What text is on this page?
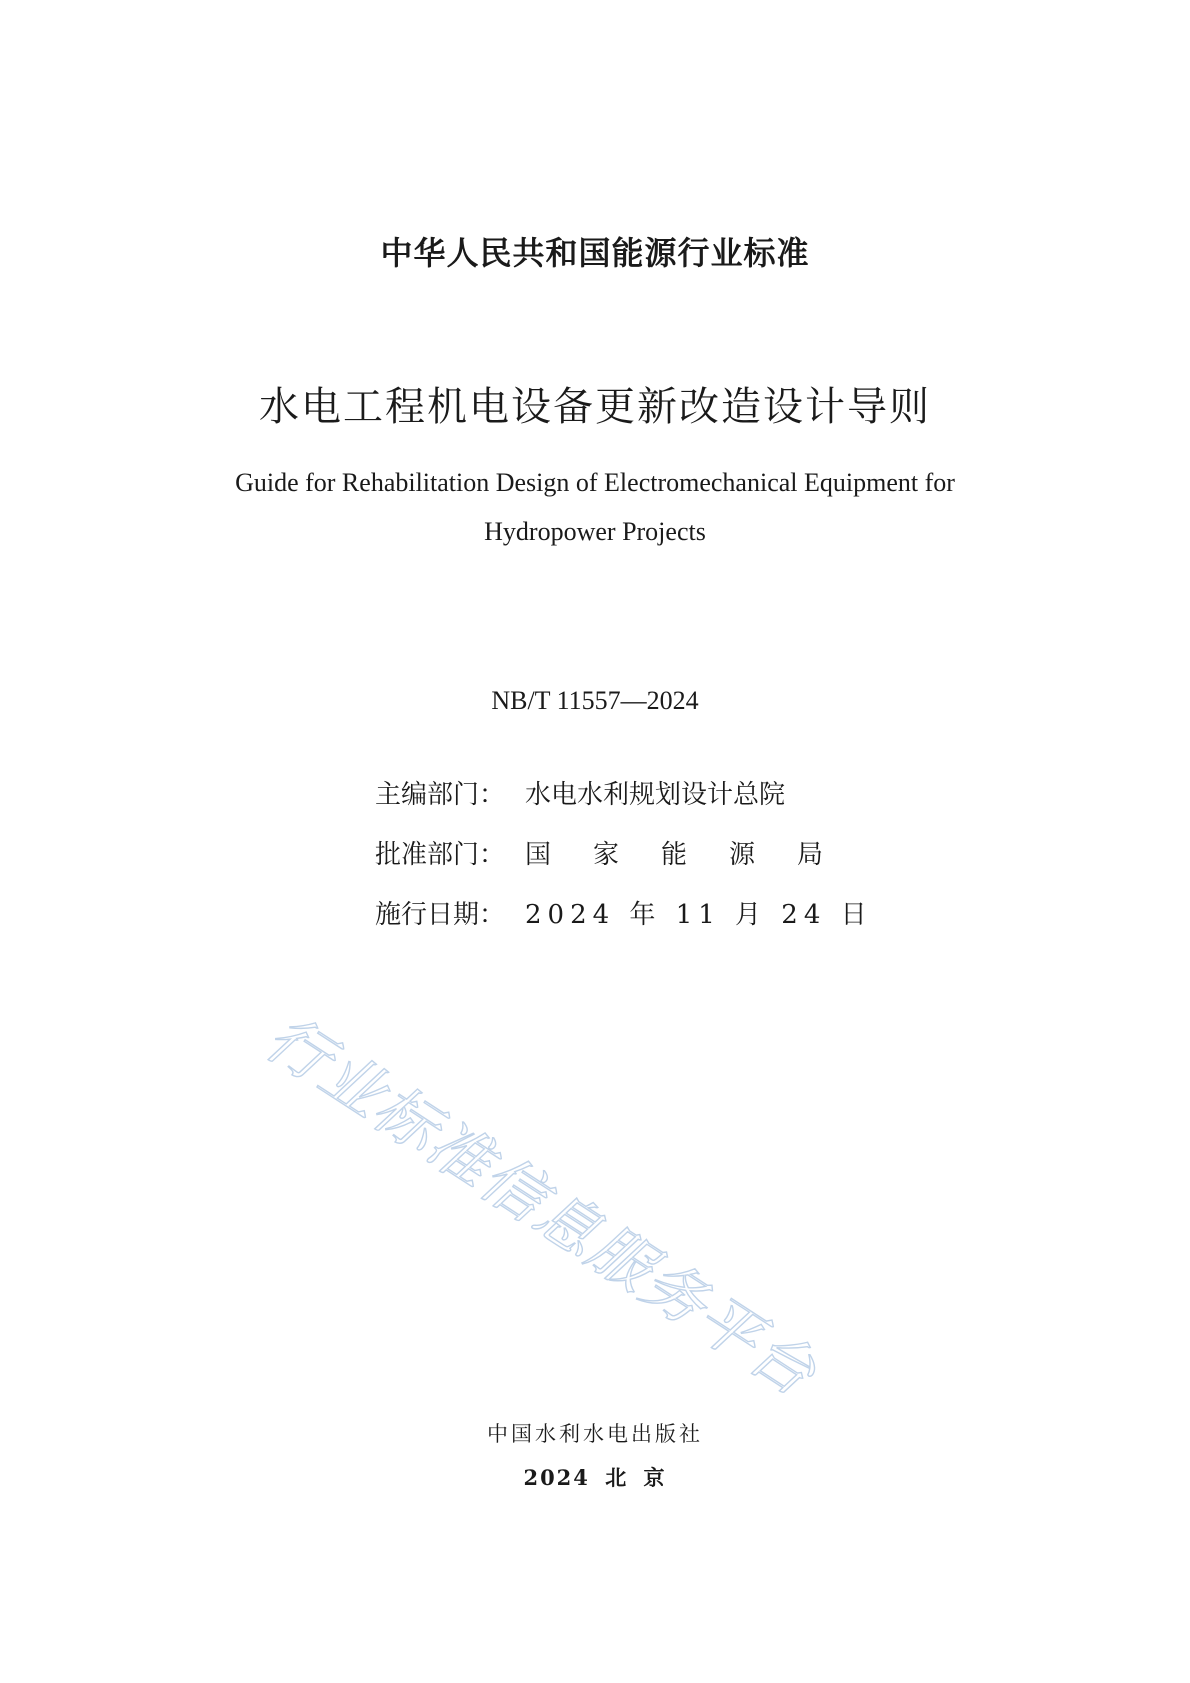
中华人民共和国能源行业标准
水电工程机电设备更新改造设计导则
Guide for Rehabilitation Design of Electromechanical Equipment for
Hydropower Projects
NB/T 11557—2024
主编部门： 水电水利规划设计总院
批准部门： 国 家 能 源 局
施行日期： 2024 年 11 月 24 日
行业标准信息服务平台
中国水利水电出版社
2024 北 京
